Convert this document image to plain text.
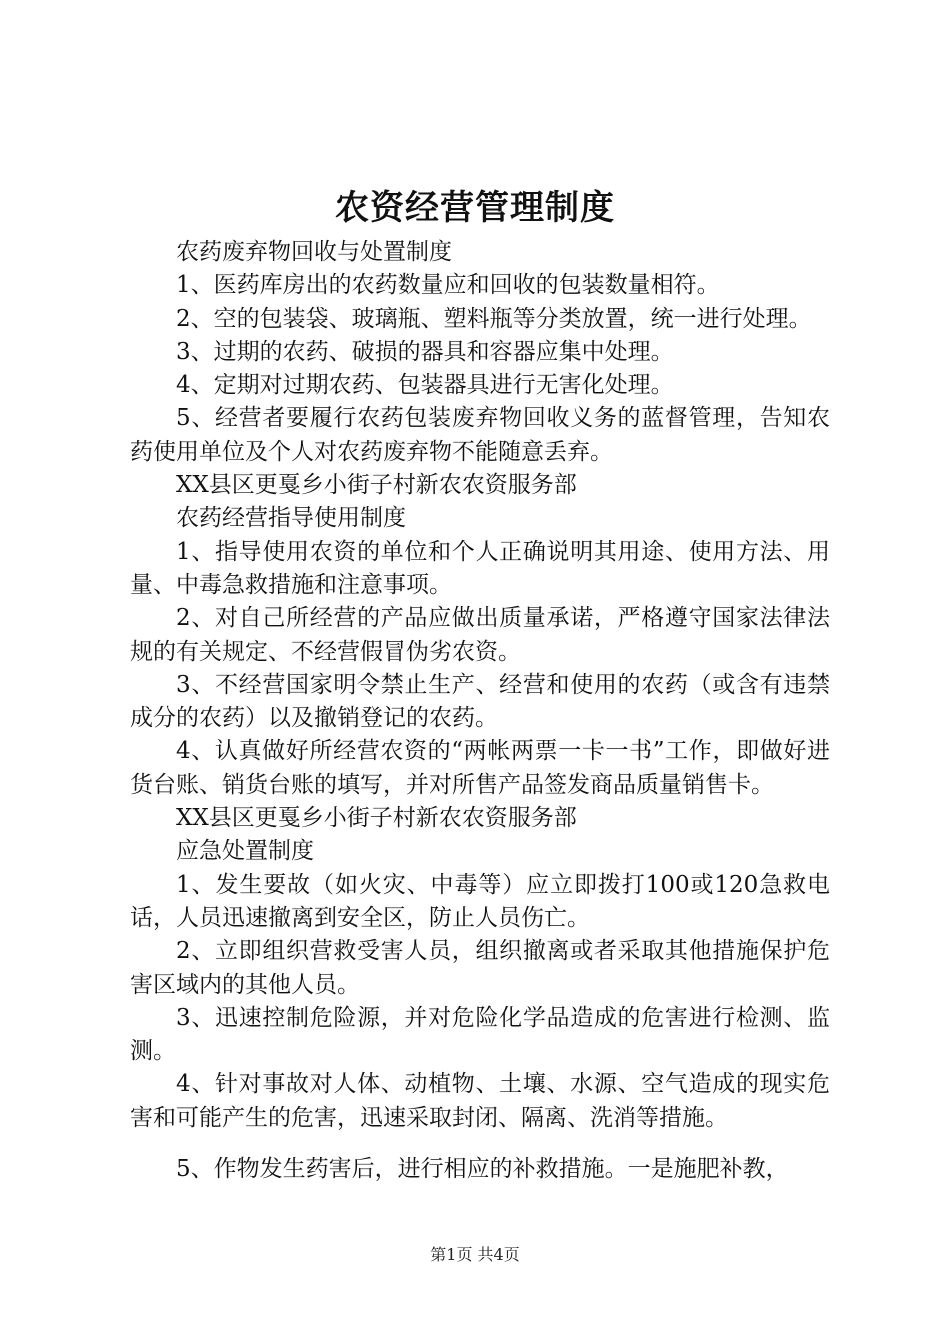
农资经营管理制度

农药废弃物回收与处置制度

1、医药库房出的农药数量应和回收的包装数量相符。

2、空的包装袋、玻璃瓶、塑料瓶等分类放置，统一进行处理。

3、过期的农药、破损的器具和容器应集中处理。

4、定期对过期农药、包装器具进行无害化处理。

5、经营者要履行农药包装废弃物回收义务的蓝督管理，告知农药使用单位及个人对农药废弃物不能随意丢弃。

XX县区更戛乡小街子村新农农资服务部

农药经营指导使用制度

1、指导使用农资的单位和个人正确说明其用途、使用方法、用量、中毒急救措施和注意事项。

2、对自己所经营的产品应做出质量承诺，严格遵守国家法律法规的有关规定、不经营假冒伪劣农资。

3、不经营国家明令禁止生产、经营和使用的农药（或含有违禁成分的农药）以及撤销登记的农药。

4、认真做好所经营农资的“两帐两票一卡一书”工作，即做好进货台账、销货台账的填写，并对所售产品签发商品质量销售卡。

XX县区更戛乡小街子村新农农资服务部

应急处置制度

1、发生要故（如火灾、中毒等）应立即拨打100或120急救电话，人员迅速撤离到安全区，防止人员伤亡。

2、立即组织营救受害人员，组织撤离或者采取其他措施保护危害区域内的其他人员。

3、迅速控制危险源，并对危险化学品造成的危害进行检测、监测。

4、针对事故对人体、动植物、土壤、水源、空气造成的现实危害和可能产生的危害，迅速采取封闭、隔离、洗消等措施。

5、作物发生药害后，进行相应的补救措施。一是施肥补教，

第1页 共4页
